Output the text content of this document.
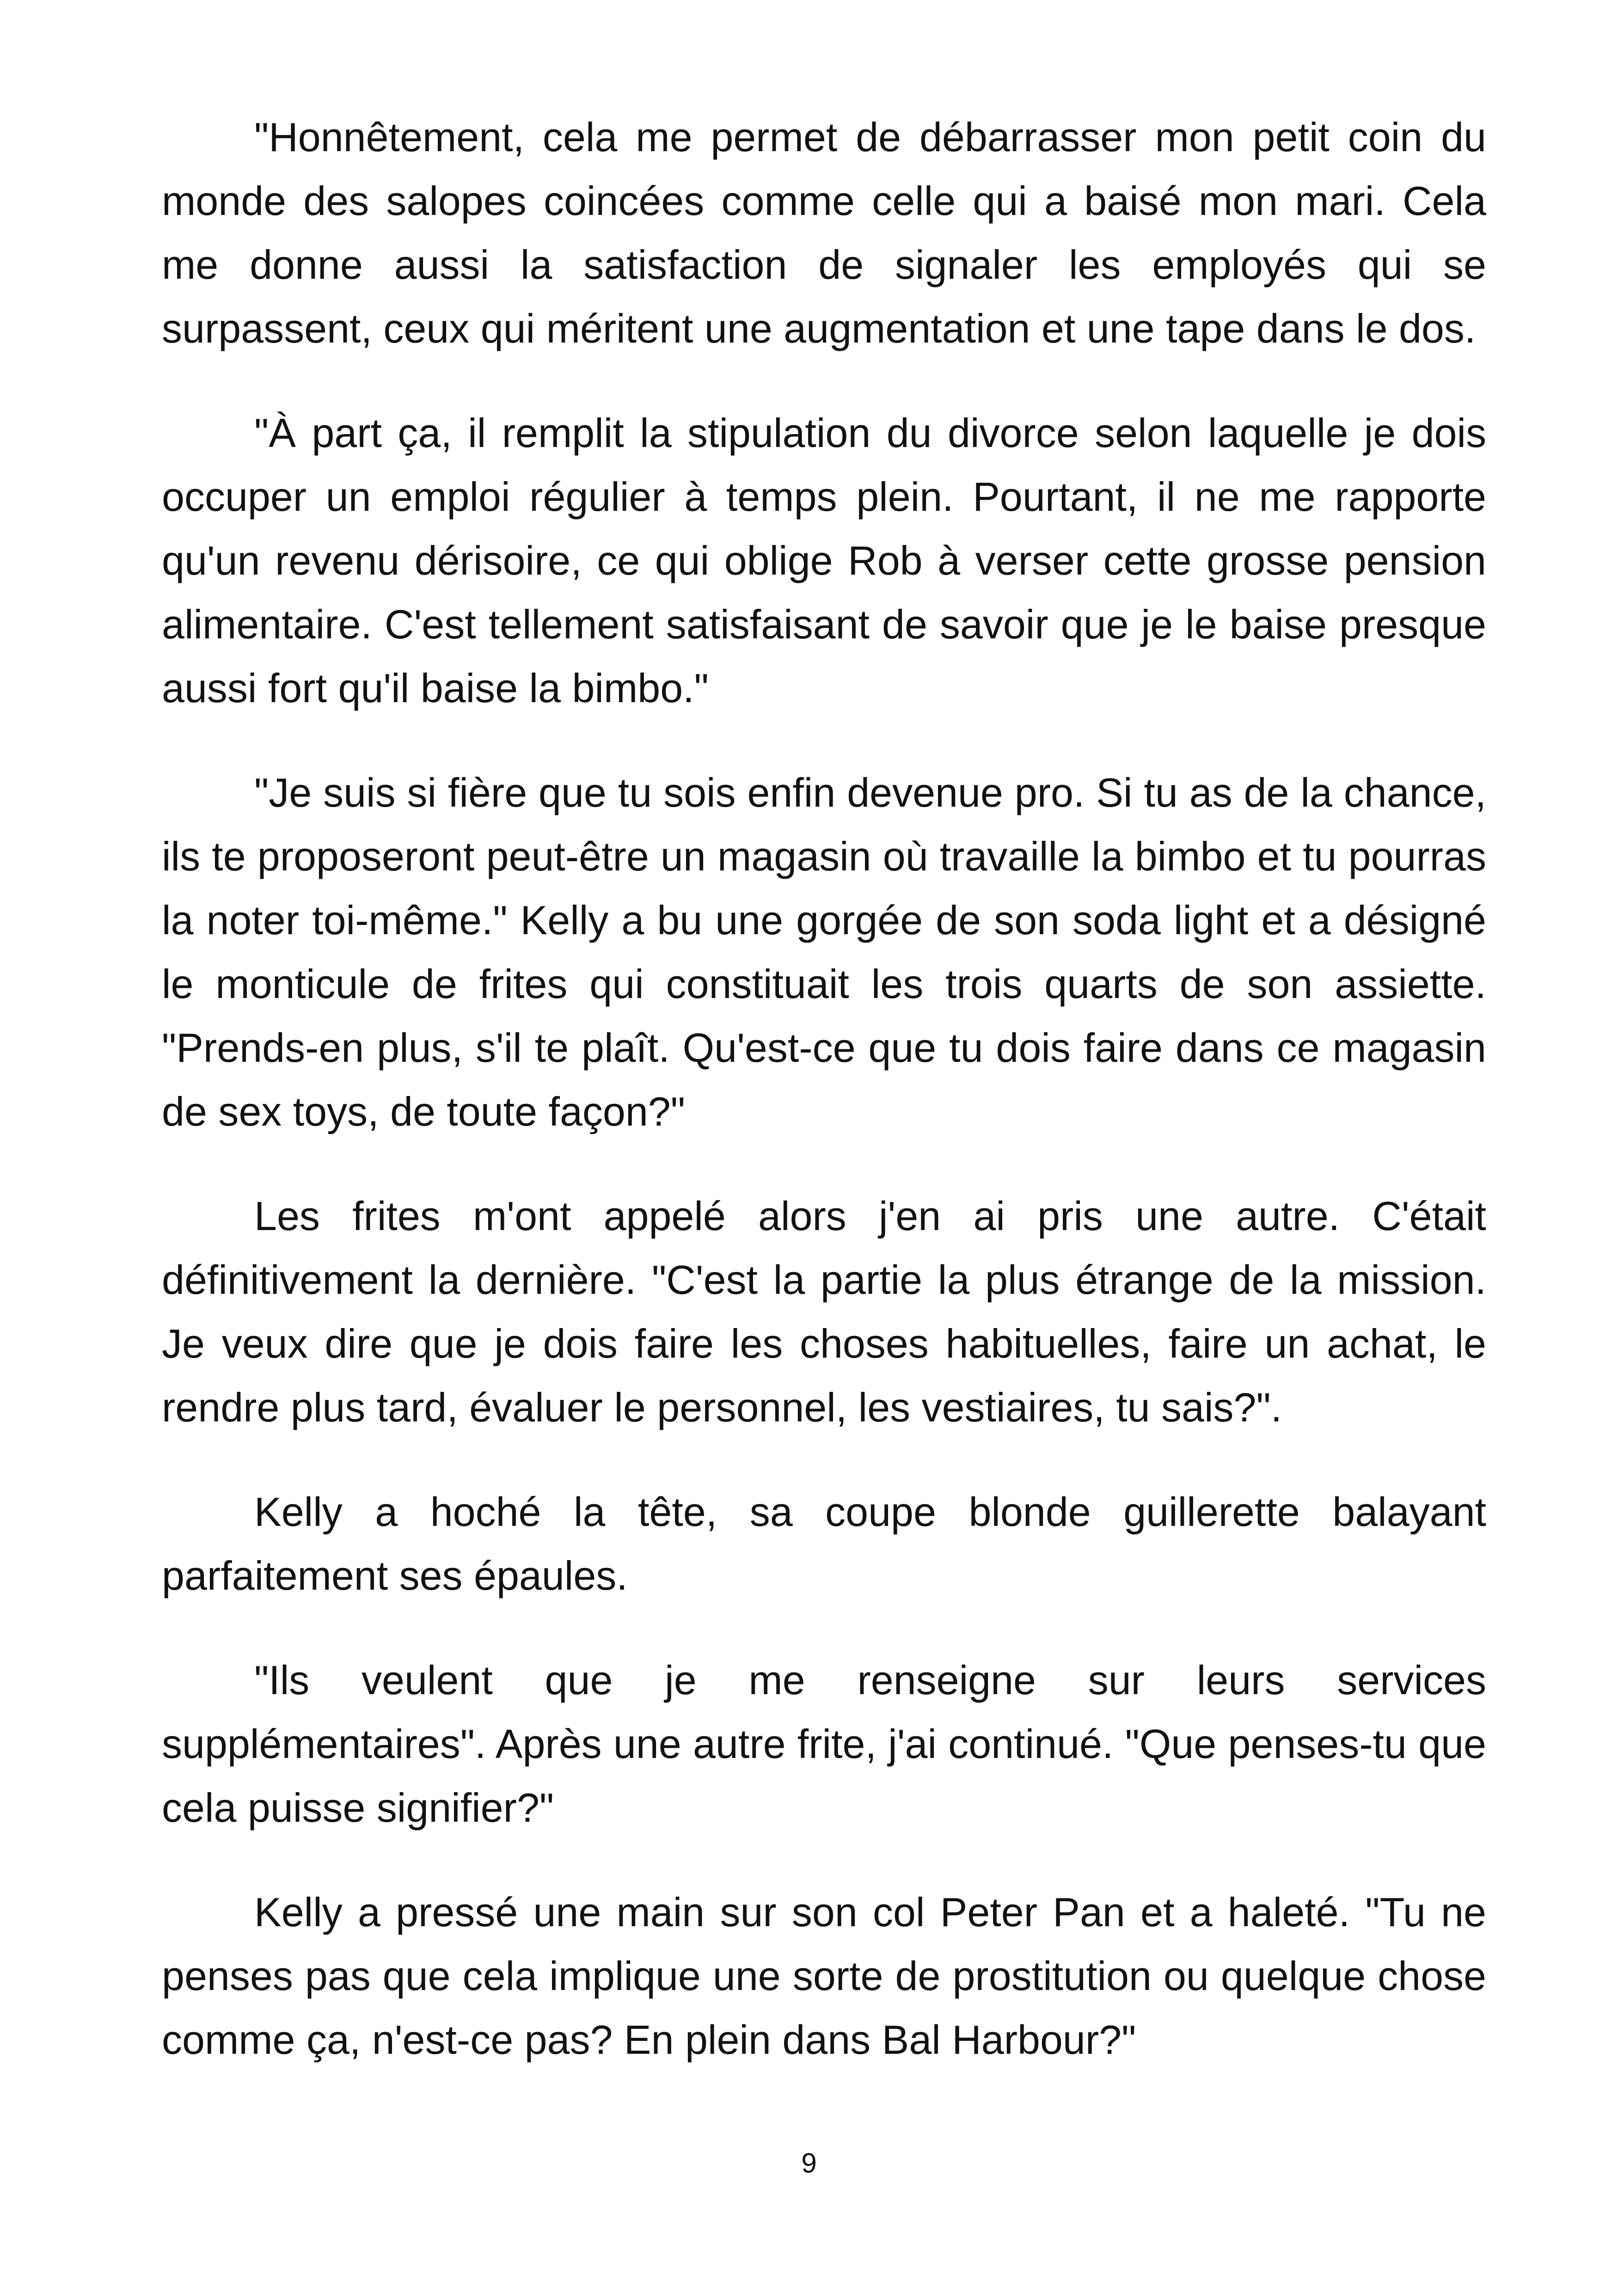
"Honnêtement, cela me permet de débarrasser mon petit coin du monde des salopes coincées comme celle qui a baisé mon mari. Cela me donne aussi la satisfaction de signaler les employés qui se surpassent, ceux qui méritent une augmentation et une tape dans le dos.

"À part ça, il remplit la stipulation du divorce selon laquelle je dois occuper un emploi régulier à temps plein. Pourtant, il ne me rapporte qu'un revenu dérisoire, ce qui oblige Rob à verser cette grosse pension alimentaire. C'est tellement satisfaisant de savoir que je le baise presque aussi fort qu'il baise la bimbo."

"Je suis si fière que tu sois enfin devenue pro. Si tu as de la chance, ils te proposeront peut-être un magasin où travaille la bimbo et tu pourras la noter toi-même." Kelly a bu une gorgée de son soda light et a désigné le monticule de frites qui constituait les trois quarts de son assiette. "Prends-en plus, s'il te plaît. Qu'est-ce que tu dois faire dans ce magasin de sex toys, de toute façon?"

Les frites m'ont appelé alors j'en ai pris une autre. C'était définitivement la dernière. "C'est la partie la plus étrange de la mission. Je veux dire que je dois faire les choses habituelles, faire un achat, le rendre plus tard, évaluer le personnel, les vestiaires, tu sais?".

Kelly a hoché la tête, sa coupe blonde guillerette balayant parfaitement ses épaules.

"Ils veulent que je me renseigne sur leurs services supplémentaires". Après une autre frite, j'ai continué. "Que penses-tu que cela puisse signifier?"

Kelly a pressé une main sur son col Peter Pan et a haleté. "Tu ne penses pas que cela implique une sorte de prostitution ou quelque chose comme ça, n'est-ce pas? En plein dans Bal Harbour?"

9
